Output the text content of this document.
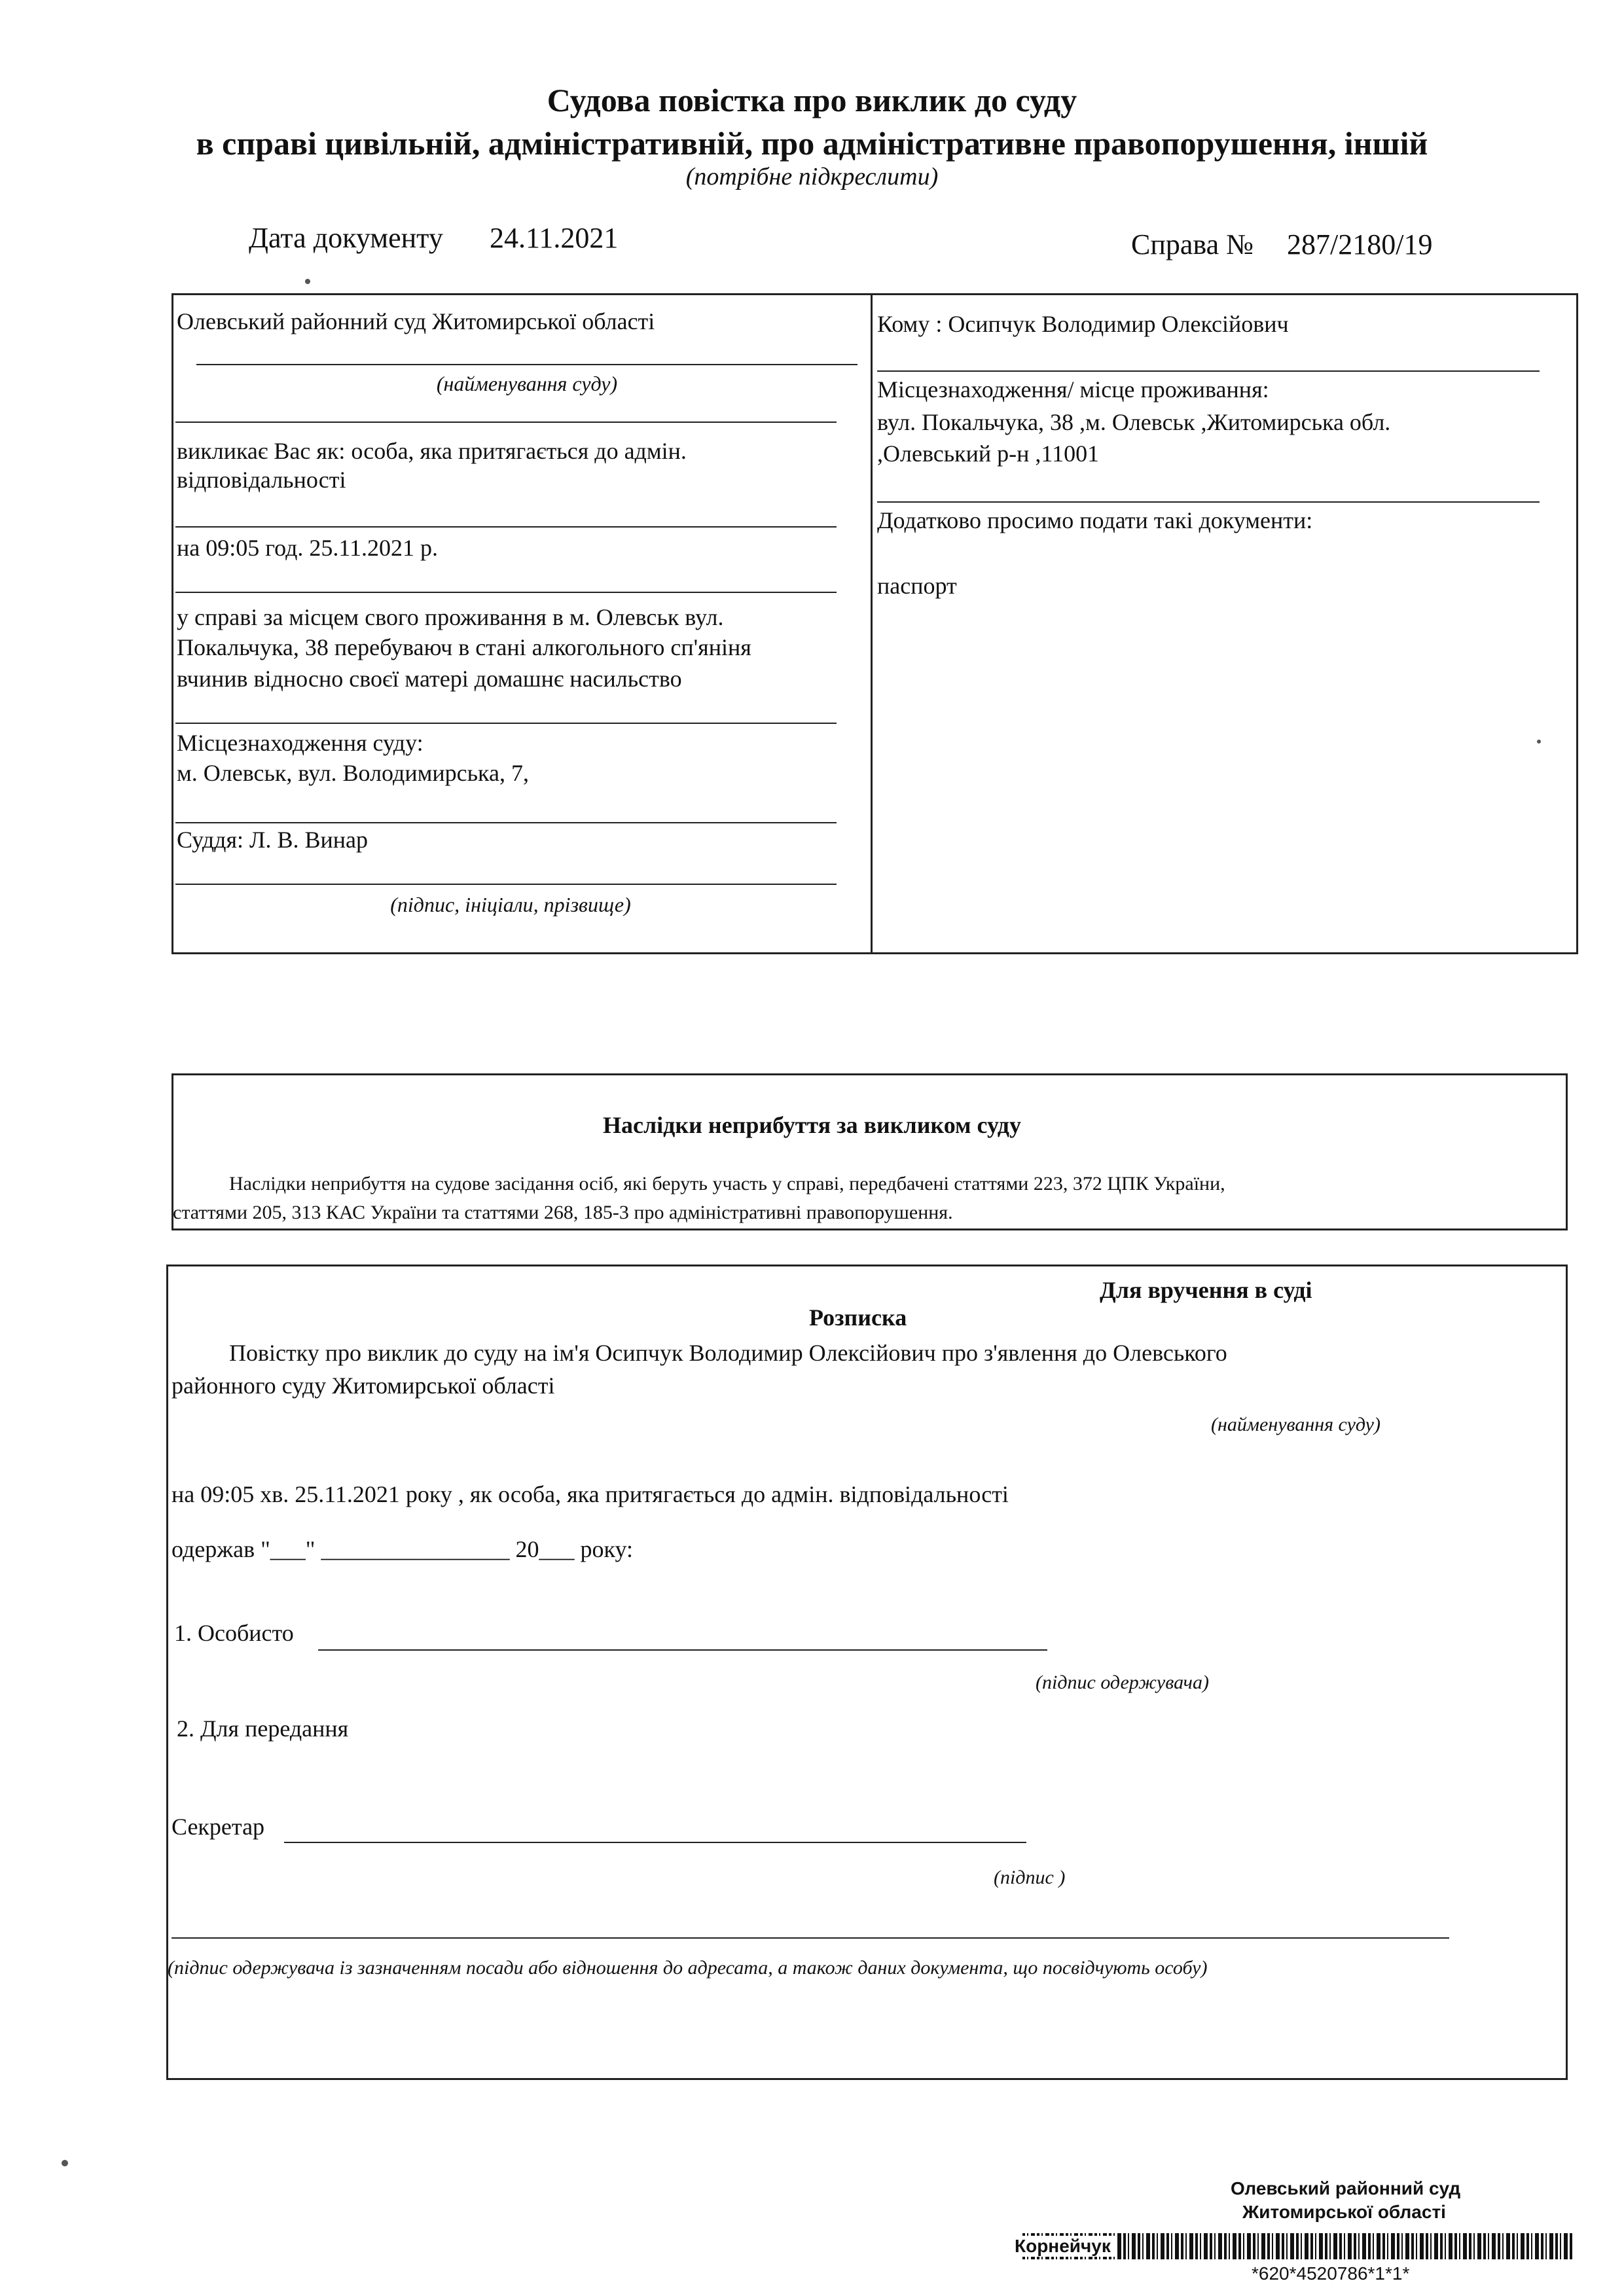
Судова повістка про виклик до суду
в справі цивільній, адміністративній, про адміністративне правопорушення, іншій
(потрібне підкреслити)
Дата документу 24.11.2021	Справа № 287/2180/19
Олевський районний суд Житомирської області
(найменування суду)
викликає Вас як: особа, яка притягається до адмін.
відповідальності
на 09:05 год. 25.11.2021 р.
у справі за місцем свого проживання в м. Олевськ вул.
Покальчука, 38 перебуваюч в стані алкогольного сп'яніня
вчинив відносно своєї матері домашнє насильство
Місцезнаходження суду:
м. Олевськ, вул. Володимирська, 7,
Суддя: Л. В. Винар
(підпис, ініціали, прізвище)
Кому : Осипчук Володимир Олексійович
Місцезнаходження/ місце проживання:
вул. Покальчука, 38 ,м. Олевськ ,Житомирська обл.
,Олевський р-н ,11001
Додатково просимо подати такі документи:
паспорт
Наслідки неприбуття за викликом суду
Наслідки неприбуття на судове засідання осіб, які беруть участь у справі, передбачені статтями 223, 372 ЦПК України,
статтями 205, 313 КАС України та статтями 268, 185-3 про адміністративні правопорушення.
Для вручення в суді
Розписка
Повістку про виклик до суду на ім'я Осипчук Володимир Олексійович про з'явлення до Олевського
районного суду Житомирської області
(найменування суду)
на 09:05 хв. 25.11.2021 року , як особа, яка притягається до адмін. відповідальності
одержав "___" ________________ 20___ року:
1. Особисто
(підпис одержувача)
2. Для передання
Секретар
(підпис )
(підпис одержувача із зазначенням посади або відношення до адресата, а також даних документа, що посвідчують особу)
Олевський районний суд
Житомирської області
Корнейчук
*620*4520786*1*1*
